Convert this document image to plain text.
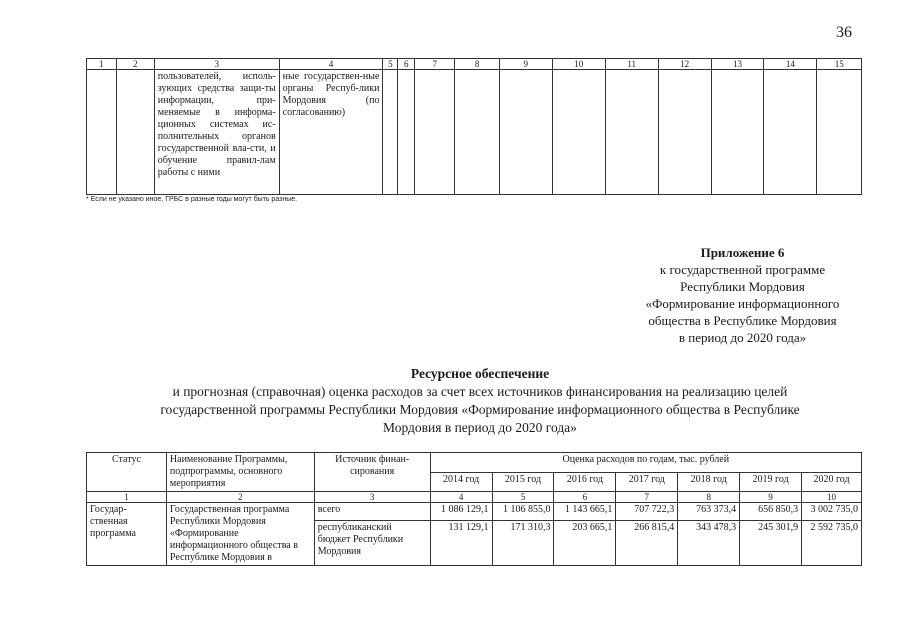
36
1	2	3	4	5	6	7	8	9	10	11	12	13	14	15
		пользователей, исполь-зующих средства защи-ты информации, при-меняемые в информа-ционных системах ис-полнительных органов государственной вла-сти, и обучение правил-лам работы с ними	ные государствен-ные органы Респуб-лики Мордовия (по согласованию)											
* Если не указано иное, ГРБС в разные годы могут быть разные.
Приложение 6
к государственной программе
Республики Мордовия
«Формирование информационного
общества в Республике Мордовия
в период до 2020 года»
Ресурсное обеспечение
и прогнозная (справочная) оценка расходов за счет всех источников финансирования на реализацию целей
государственной программы Республики Мордовия «Формирование информационного общества в Республике
Мордовия в период до 2020 года»
Статус	Наименование Программы, подпрограммы, основного мероприятия	Источник финан-сирования	Оценка расходов по годам, тыс. рублей						
			2014 год	2015 год	2016 год	2017 год	2018 год	2019 год	2020 год
1	2	3	4	5	6	7	8	9	10
Государ-ственная программа	Государственная программа Республики Мордовия «Формирование информационного общества в Республике Мордовия в	всего	1 086 129,1	1 106 855,0	1 143 665,1	707 722,3	763 373,4	656 850,3	3 002 735,0
		республиканский бюджет Республики Мордовия	131 129,1	171 310,3	203 665,1	266 815,4	343 478,3	245 301,9	2 592 735,0
